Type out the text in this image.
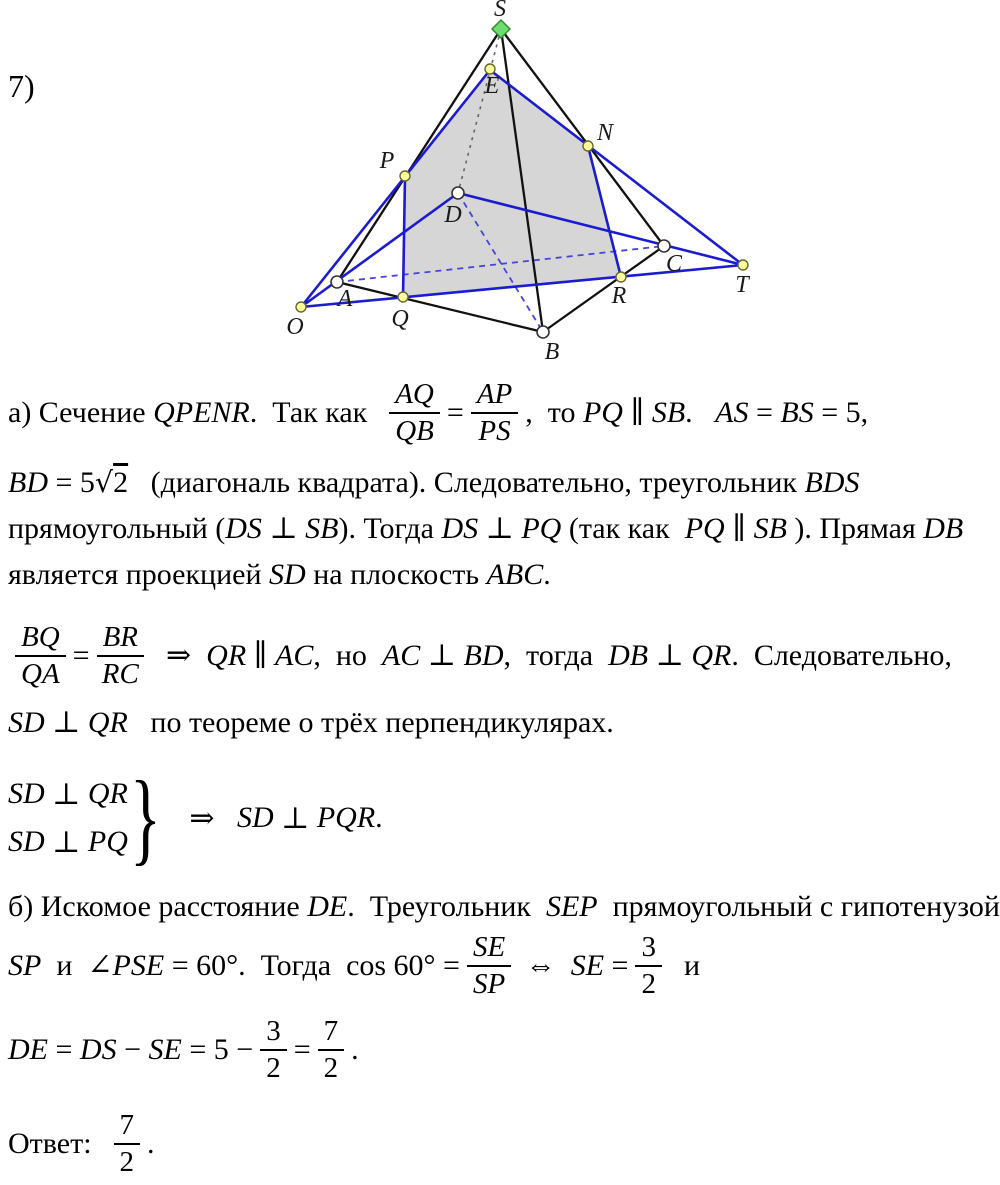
7)
S
E
N
P
D
A
Q
B
R
C
T
O
а) Сечение QPENR .  Так как $\frac{AQ}{QB} = \frac{AP}{PS}$ ,  то PQ ∥ SB . AS = BS = 5,
BD = 5 √2 (диагональ квадрата). Следовательно, треугольник BDS
прямоугольный ( DS ⊥ SB ). Тогда DS ⊥ PQ (так как PQ ∥ SB ). Прямая DB
является проекцией SD на плоскость ABC .
$\frac{BQ}{QA} = \frac{BR}{RC}$ ⇒ QR ∥ AC ,  но AC ⊥ BD ,  тогда DB ⊥ QR .  Следовательно,
SD ⊥ QR по теореме о трёх перпендикулярах.
SD ⊥ QR
SD ⊥ PQ } ⇒ SD ⊥ PQR .
б) Искомое расстояние DE .  Треугольник SEP прямоугольный с гипотенузой
SP и  ∠ PSE = 60°.  Тогда  $\cos 60^\circ = \frac{SE}{SP}$ ⇔ SE = $\frac{3}{2}$ и
DE = DS − SE = $5 - \frac{3}{2} = \frac{7}{2}$ .
Ответ: $\frac{7}{2}$ .
